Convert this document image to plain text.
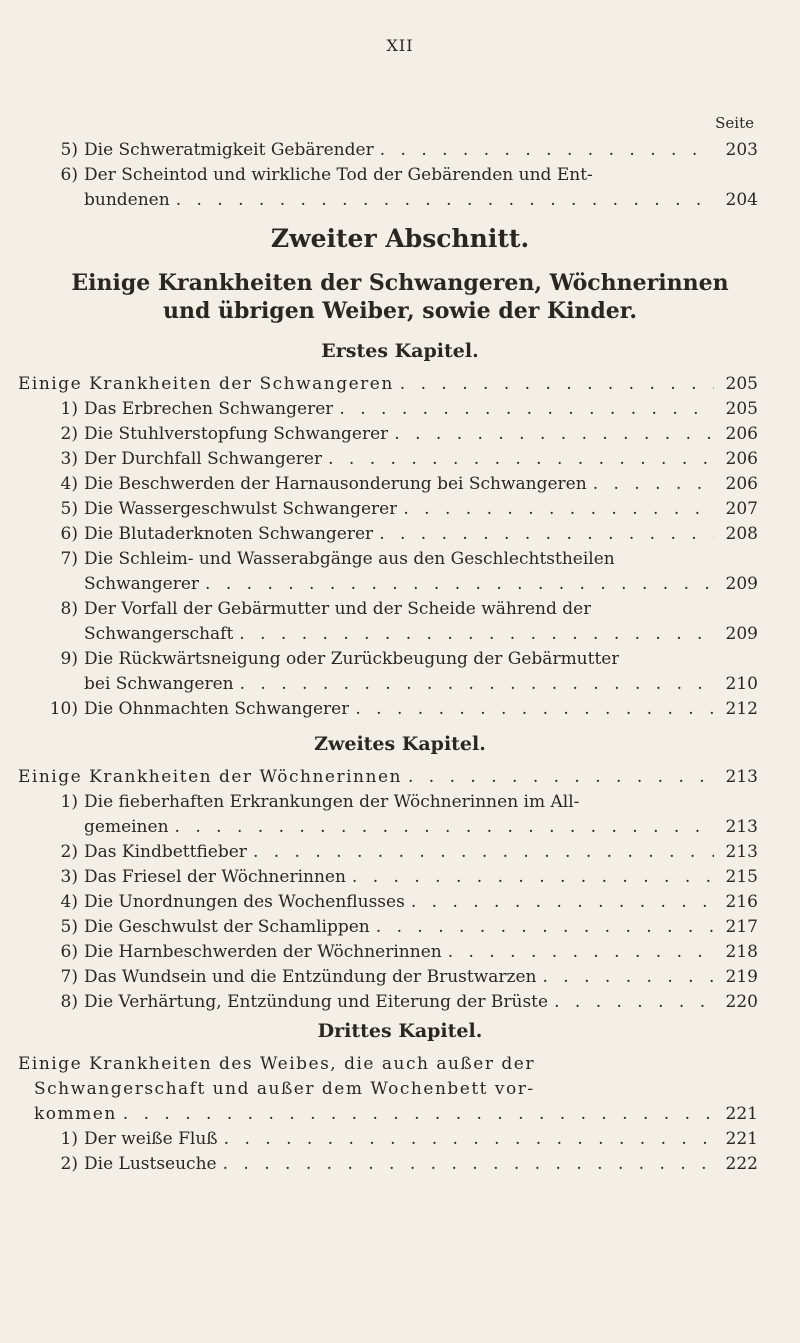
XII
Seite
5) Die Schweratmigkeit Gebärender . . .	203
6) Der Scheintod und wirkliche Tod der Gebärenden und Ent-
bundenen . . .	204
Zweiter Abschnitt.
Einige Krankheiten der Schwangeren, Wöchnerinnen
und übrigen Weiber, sowie der Kinder.
Erstes Kapitel.
Einige Krankheiten der Schwangeren . . .	205
1) Das Erbrechen Schwangerer . . .	205
2) Die Stuhlverstopfung Schwangerer . . .	206
3) Der Durchfall Schwangerer . . .	206
4) Die Beschwerden der Harnausonderung bei Schwangeren . . .	206
5) Die Wassergeschwulst Schwangerer . . .	207
6) Die Blutaderknoten Schwangerer . . .	208
7) Die Schleim- und Wasserabgänge aus den Geschlechtstheilen
Schwangerer . . .	209
8) Der Vorfall der Gebärmutter und der Scheide während der
Schwangerschaft . . .	209
9) Die Rückwärtsneigung oder Zurückbeugung der Gebärmutter
bei Schwangeren . . .	210
10) Die Ohnmachten Schwangerer . . .	212
Zweites Kapitel.
Einige Krankheiten der Wöchnerinnen . . .	213
1) Die fieberhaften Erkrankungen der Wöchnerinnen im All-
gemeinen . . .	213
2) Das Kindbettfieber . . .	213
3) Das Friesel der Wöchnerinnen . . .	215
4) Die Unordnungen des Wochenflusses . . .	216
5) Die Geschwulst der Schamlippen . . .	217
6) Die Harnbeschwerden der Wöchnerinnen . . .	218
7) Das Wundsein und die Entzündung der Brustwarzen . . .	219
8) Die Verhärtung, Entzündung und Eiterung der Brüste . . .	220
Drittes Kapitel.
Einige Krankheiten des Weibes, die auch außer der
Schwangerschaft und außer dem Wochenbett vor-
kommen . . .	221
1) Der weiße Fluß . . .	221
2) Die Lustseuche . . .	222
